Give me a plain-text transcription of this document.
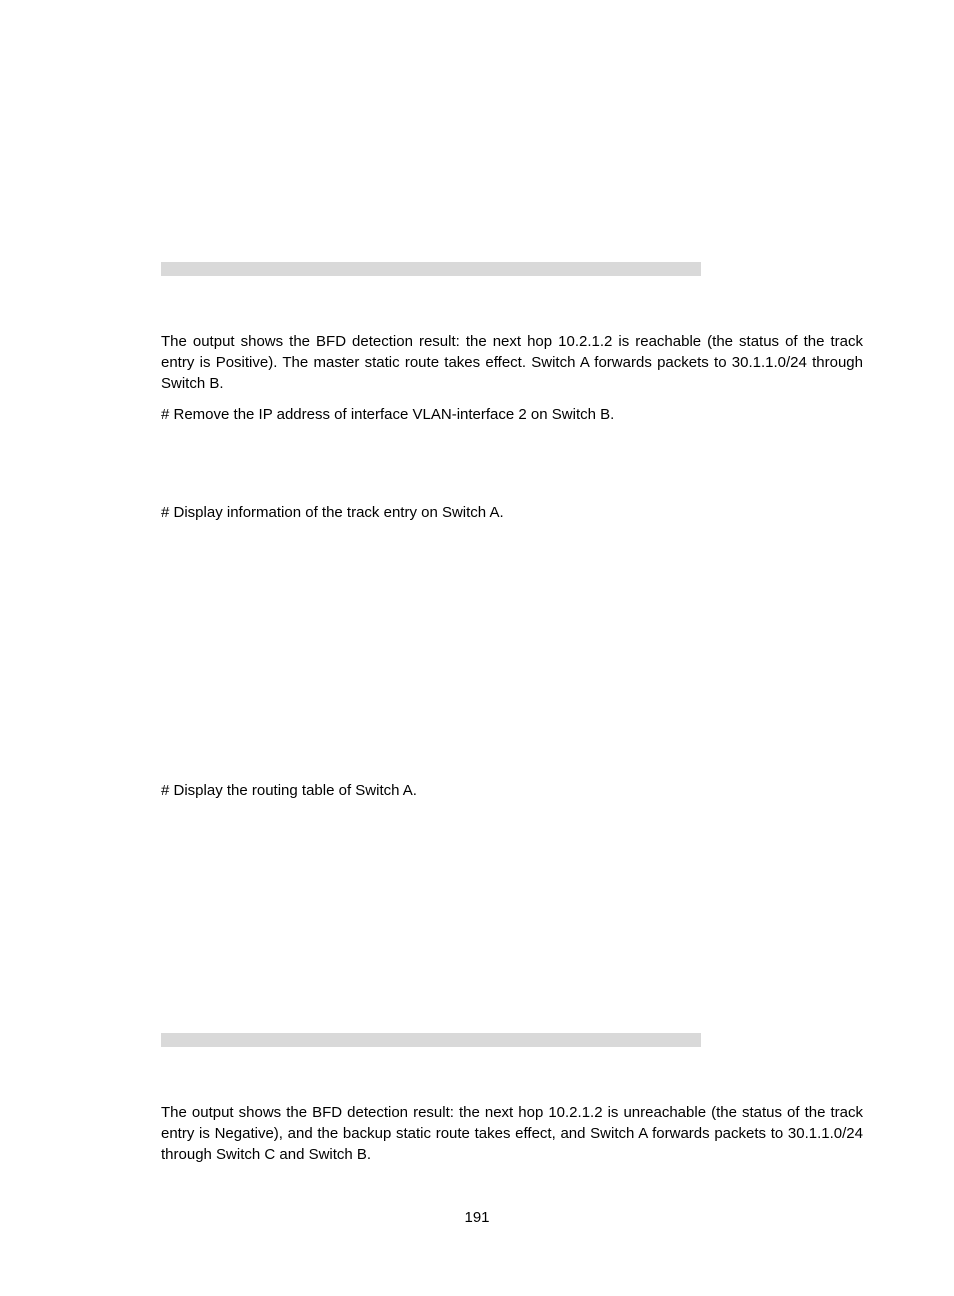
The output shows the BFD detection result: the next hop 10.2.1.2 is reachable (the status of the track entry is Positive). The master static route takes effect. Switch A forwards packets to 30.1.1.0/24 through Switch B.

# Remove the IP address of interface VLAN-interface 2 on Switch B.

# Display information of the track entry on Switch A.

# Display the routing table of Switch A.

The output shows the BFD detection result: the next hop 10.2.1.2 is unreachable (the status of the track entry is Negative), and the backup static route takes effect, and Switch A forwards packets to 30.1.1.0/24 through Switch C and Switch B.

191
